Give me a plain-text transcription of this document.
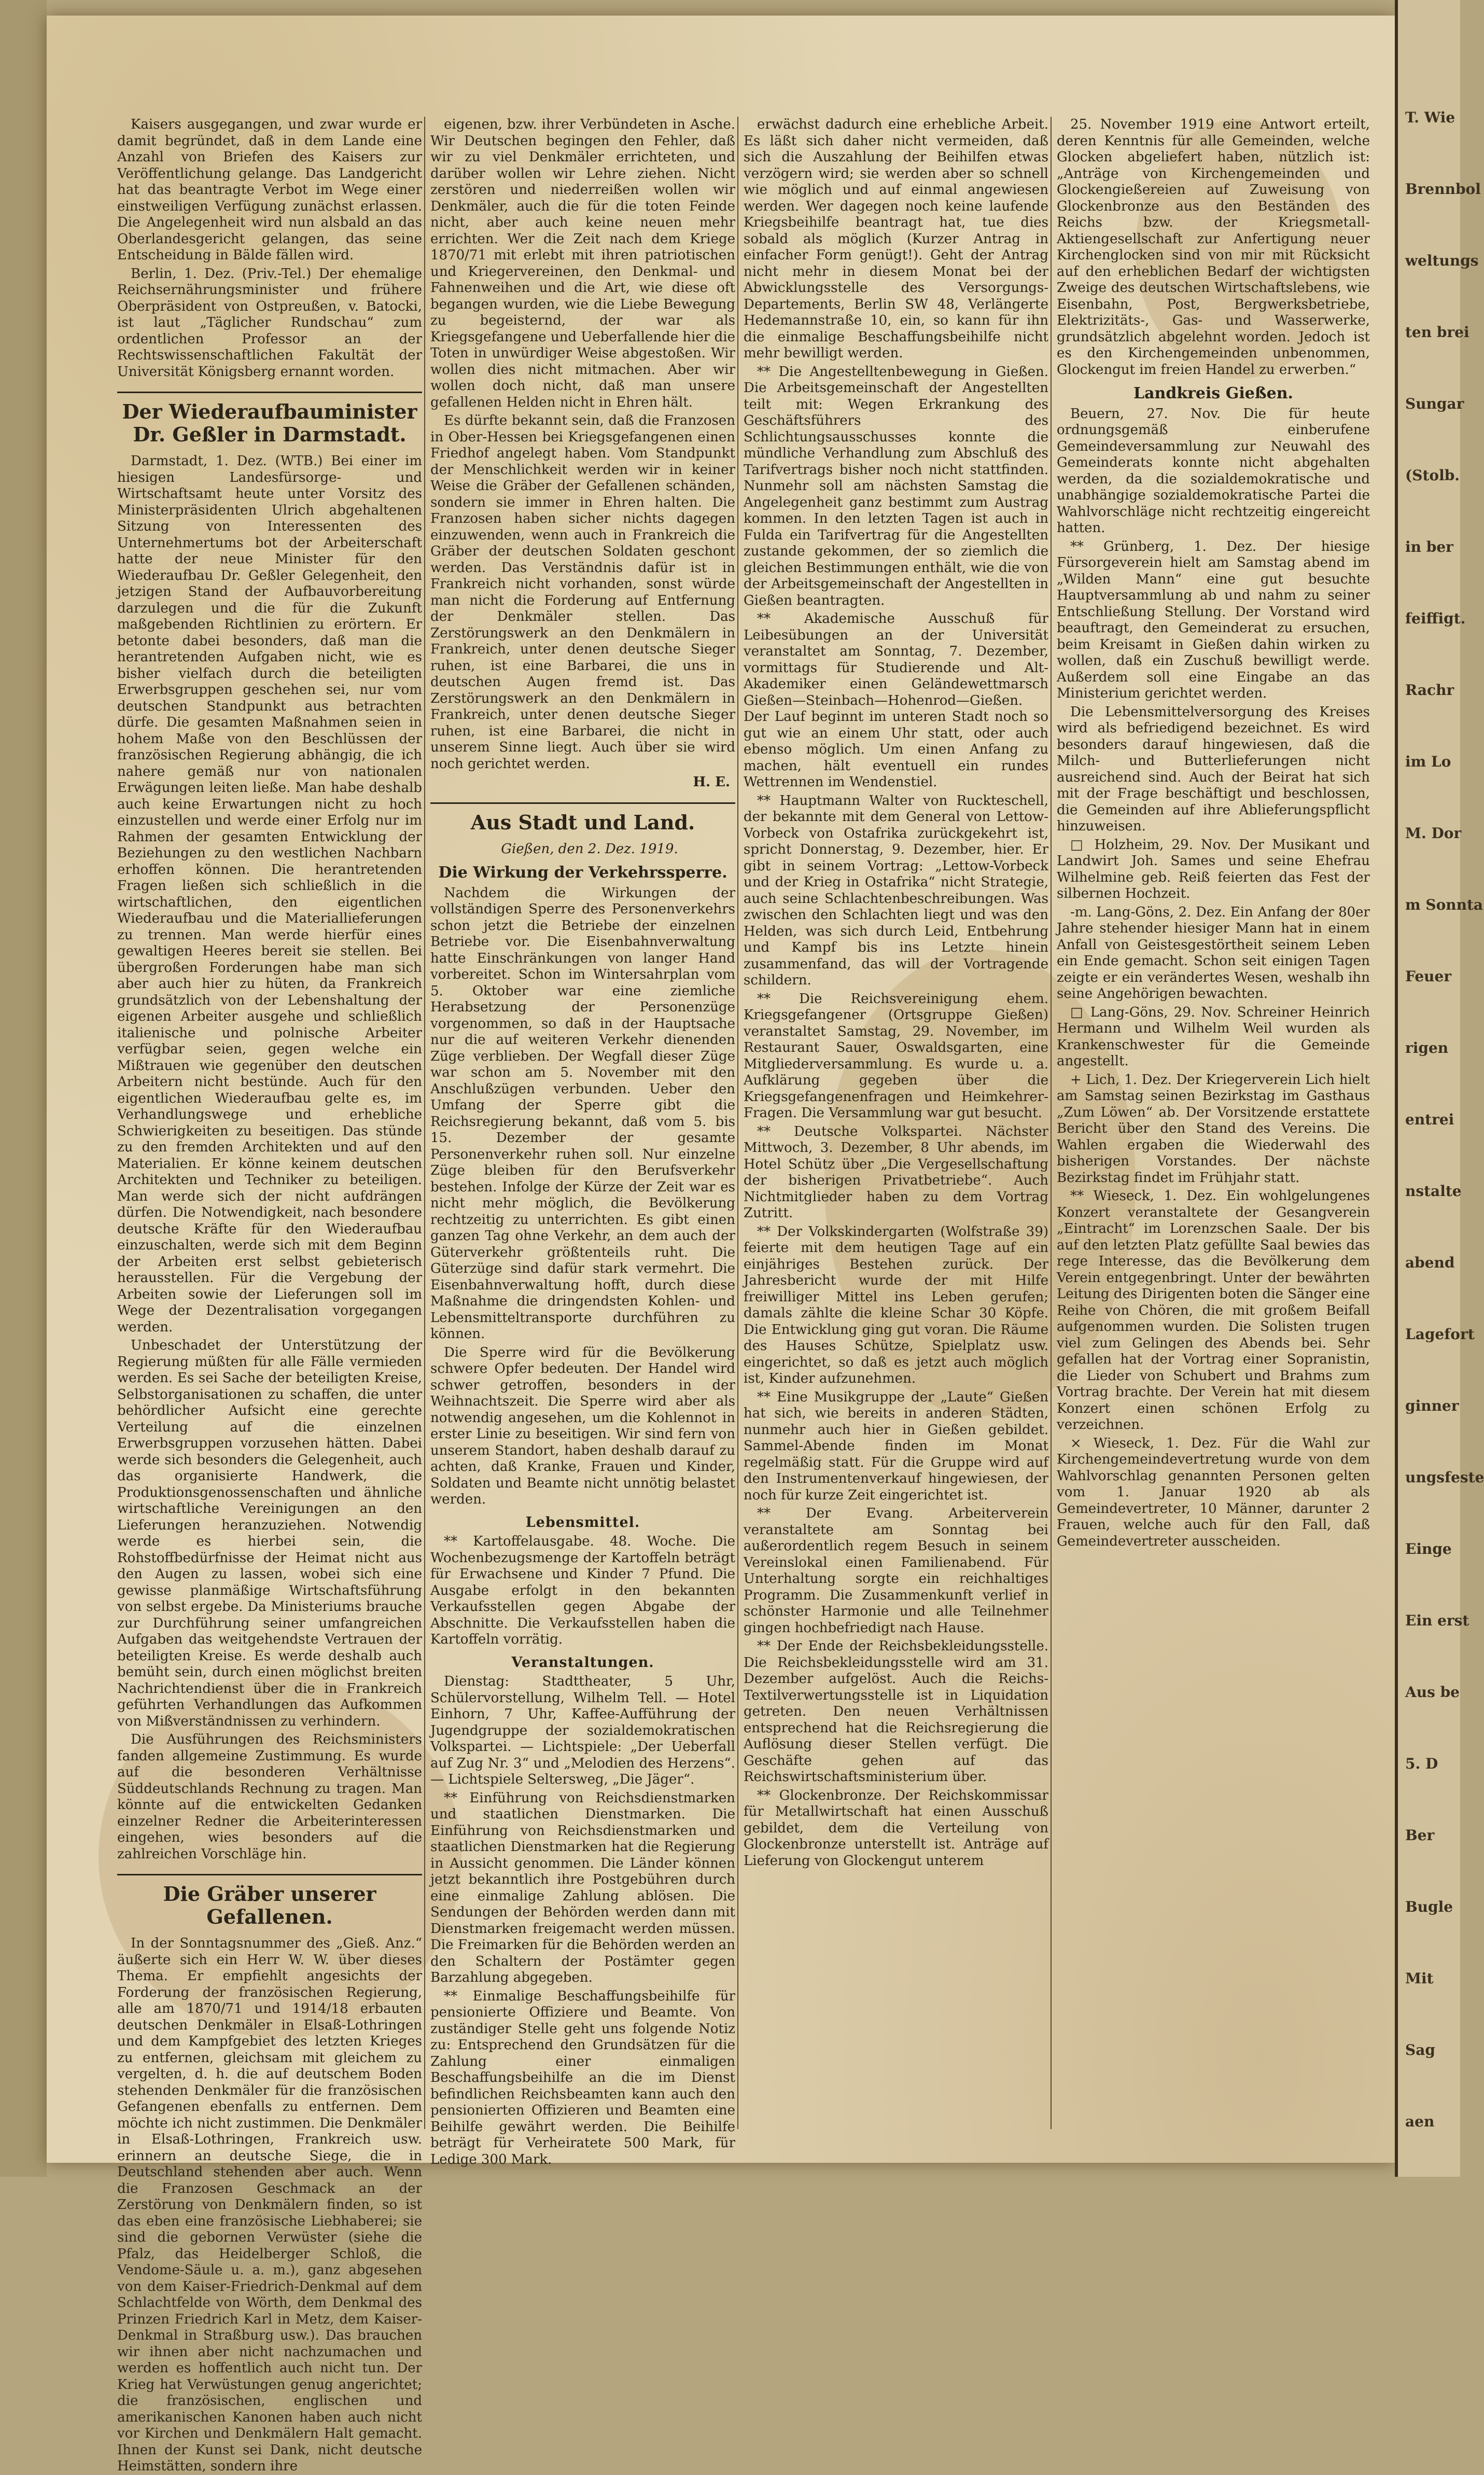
Kaisers ausgegangen, und zwar wurde er damit begründet, daß in dem Lande eine Anzahl von Briefen des Kaisers zur Veröffentlichung gelange. Das Landgericht hat das beantragte Verbot im Wege einer einstweiligen Verfügung zunächst erlassen. Die Angelegenheit wird nun alsbald an das Oberlandesgericht gelangen, das seine Entscheidung in Bälde fällen wird.

Berlin, 1. Dez. (Priv.-Tel.) Der ehemalige Reichsernährungsminister und frühere Oberpräsident von Ostpreußen, v. Batocki, ist laut „Täglicher Rundschau“ zum ordentlichen Professor an der Rechtswissenschaftlichen Fakultät der Universität Königsberg ernannt worden.

Der Wiederaufbauminister Dr. Geßler in Darmstadt.

Darmstadt, 1. Dez. (WTB.) Bei einer im hiesigen Landesfürsorge- und Wirtschaftsamt heute unter Vorsitz des Ministerpräsidenten Ulrich abgehaltenen Sitzung von Interessenten des Unternehmertums bot der Arbeiterschaft hatte der neue Minister für den Wiederaufbau Dr. Geßler Gelegenheit, den jetzigen Stand der Aufbauvorbereitung darzulegen und die für die Zukunft maßgebenden Richtlinien zu erörtern. Er betonte dabei besonders, daß man die herantretenden Aufgaben nicht, wie es bisher vielfach durch die beteiligten Erwerbsgruppen geschehen sei, nur vom deutschen Standpunkt aus betrachten dürfe. Die gesamten Maßnahmen seien in hohem Maße von den Beschlüssen der französischen Regierung abhängig, die ich nahere gemäß nur von nationalen Erwägungen leiten ließe. Man habe deshalb auch keine Erwartungen nicht zu hoch einzustellen und werde einer Erfolg nur im Rahmen der gesamten Entwicklung der Beziehungen zu den westlichen Nachbarn erhoffen können. Die herantretenden Fragen ließen sich schließlich in die wirtschaftlichen, den eigentlichen Wiederaufbau und die Materiallieferungen zu trennen. Man werde hierfür eines gewaltigen Heeres bereit sie stellen. Bei übergroßen Forderungen habe man sich aber auch hier zu hüten, da Frankreich grundsätzlich von der Lebenshaltung der eigenen Arbeiter ausgehe und schließlich italienische und polnische Arbeiter verfügbar seien, gegen welche ein Mißtrauen wie gegenüber den deutschen Arbeitern nicht bestünde. Auch für den eigentlichen Wiederaufbau gelte es, im Verhandlungswege und erhebliche Schwierigkeiten zu beseitigen. Das stünde zu den fremden Architekten und auf den Materialien. Er könne keinem deutschen Architekten und Techniker zu beteiligen. Man werde sich der nicht aufdrängen dürfen. Die Notwendigkeit, nach besondere deutsche Kräfte für den Wiederaufbau einzuschalten, werde sich mit dem Beginn der Arbeiten erst selbst gebieterisch herausstellen. Für die Vergebung der Arbeiten sowie der Lieferungen soll im Wege der Dezentralisation vorgegangen werden.

Unbeschadet der Unterstützung der Regierung müßten für alle Fälle vermieden werden. Es sei Sache der beteiligten Kreise, Selbstorganisationen zu schaffen, die unter behördlicher Aufsicht eine gerechte Verteilung auf die einzelnen Erwerbsgruppen vorzusehen hätten. Dabei werde sich besonders die Gelegenheit, auch das organisierte Handwerk, die Produktionsgenossenschaften und ähnliche wirtschaftliche Vereinigungen an den Lieferungen heranzuziehen. Notwendig werde es hierbei sein, die Rohstoffbedürfnisse der Heimat nicht aus den Augen zu lassen, wobei sich eine gewisse planmäßige Wirtschaftsführung von selbst ergebe. Da Ministeriums brauche zur Durchführung seiner umfangreichen Aufgaben das weitgehendste Vertrauen der beteiligten Kreise. Es werde deshalb auch bemüht sein, durch einen möglichst breiten Nachrichtendienst über die in Frankreich geführten Verhandlungen das Aufkommen von Mißverständnissen zu verhindern.

Die Ausführungen des Reichsministers fanden allgemeine Zustimmung. Es wurde auf die besonderen Verhältnisse Süddeutschlands Rechnung zu tragen. Man könnte auf die entwickelten Gedanken einzelner Redner die Arbeiterinteressen eingehen, wies besonders auf die zahlreichen Vorschläge hin.

Die Gräber unserer Gefallenen.

In der Sonntagsnummer des „Gieß. Anz.“ äußerte sich ein Herr W. W. über dieses Thema. Er empfiehlt angesichts der Forderung der französischen Regierung, alle am 1870/71 und 1914/18 erbauten deutschen Denkmäler in Elsaß-Lothringen und dem Kampfgebiet des letzten Krieges zu entfernen, gleichsam mit gleichem zu vergelten, d. h. die auf deutschem Boden stehenden Denkmäler für die französischen Gefangenen ebenfalls zu entfernen. Dem möchte ich nicht zustimmen. Die Denkmäler in Elsaß-Lothringen, Frankreich usw. erinnern an deutsche Siege, die in Deutschland stehenden aber auch. Wenn die Franzosen Geschmack an der Zerstörung von Denkmälern finden, so ist das eben eine französische Liebhaberei; sie sind die gebornen Verwüster (siehe die Pfalz, das Heidelberger Schloß, die Vendome-Säule u. a. m.), ganz abgesehen von dem Kaiser-Friedrich-Denkmal auf dem Schlachtfelde von Wörth, dem Denkmal des Prinzen Friedrich Karl in Metz, dem Kaiser-Denkmal in Straßburg usw.). Das brauchen wir ihnen aber nicht nachzumachen und werden es hoffentlich auch nicht tun. Der Krieg hat Verwüstungen genug angerichtet; die französischen, englischen und amerikanischen Kanonen haben auch nicht vor Kirchen und Denkmälern Halt gemacht. Ihnen der Kunst sei Dank, nicht deutsche Heimstätten, sondern ihre

eigenen, bzw. ihrer Verbündeten in Asche. Wir Deutschen begingen den Fehler, daß wir zu viel Denkmäler errichteten, und darüber wollen wir Lehre ziehen. Nicht zerstören und niederreißen wollen wir Denkmäler, auch die für die toten Feinde nicht, aber auch keine neuen mehr errichten. Wer die Zeit nach dem Kriege 1870/71 mit erlebt mit ihren patriotischen und Kriegervereinen, den Denkmal- und Fahnenweihen und die Art, wie diese oft begangen wurden, wie die Liebe Bewegung zu begeisternd, der war als Kriegsgefangene und Ueberfallende hier die Toten in unwürdiger Weise abgestoßen. Wir wollen dies nicht mitmachen. Aber wir wollen doch nicht, daß man unsere gefallenen Helden nicht in Ehren hält.

Es dürfte bekannt sein, daß die Franzosen in Ober-Hessen bei Kriegsgefangenen einen Friedhof angelegt haben. Vom Standpunkt der Menschlichkeit werden wir in keiner Weise die Gräber der Gefallenen schänden, sondern sie immer in Ehren halten. Die Franzosen haben sicher nichts dagegen einzuwenden, wenn auch in Frankreich die Gräber der deutschen Soldaten geschont werden. Das Verständnis dafür ist in Frankreich nicht vorhanden, sonst würde man nicht die Forderung auf Entfernung der Denkmäler stellen. Das Zerstörungswerk an den Denkmälern in Frankreich, unter denen deutsche Sieger ruhen, ist eine Barbarei, die uns in deutschen Augen fremd ist. Das Zerstörungswerk an den Denkmälern in Frankreich, unter denen deutsche Sieger ruhen, ist eine Barbarei, die nicht in unserem Sinne liegt. Auch über sie wird noch gerichtet werden.

H. E.

Aus Stadt und Land.

Gießen, den 2. Dez. 1919.

Die Wirkung der Verkehrssperre.

Nachdem die Wirkungen der vollständigen Sperre des Personenverkehrs schon jetzt die Betriebe der einzelnen Betriebe vor. Die Eisenbahnverwaltung hatte Einschränkungen von langer Hand vorbereitet. Schon im Wintersahrplan vom 5. Oktober war eine ziemliche Herabsetzung der Personenzüge vorgenommen, so daß in der Hauptsache nur die auf weiteren Verkehr dienenden Züge verblieben. Der Wegfall dieser Züge war schon am 5. November mit den Anschlußzügen verbunden. Ueber den Umfang der Sperre gibt die Reichsregierung bekannt, daß vom 5. bis 15. Dezember der gesamte Personenverkehr ruhen soll. Nur einzelne Züge bleiben für den Berufsverkehr bestehen. Infolge der Kürze der Zeit war es nicht mehr möglich, die Bevölkerung rechtzeitig zu unterrichten. Es gibt einen ganzen Tag ohne Verkehr, an dem auch der Güterverkehr größtenteils ruht. Die Güterzüge sind dafür stark vermehrt. Die Eisenbahnverwaltung hofft, durch diese Maßnahme die dringendsten Kohlen- und Lebensmitteltransporte durchführen zu können.

Die Sperre wird für die Bevölkerung schwere Opfer bedeuten. Der Handel wird schwer getroffen, besonders in der Weihnachtszeit. Die Sperre wird aber als notwendig angesehen, um die Kohlennot in erster Linie zu beseitigen. Wir sind fern von unserem Standort, haben deshalb darauf zu achten, daß Kranke, Frauen und Kinder, Soldaten und Beamte nicht unnötig belastet werden.

Lebensmittel.

** Kartoffelausgabe. 48. Woche. Die Wochenbezugsmenge der Kartoffeln beträgt für Erwachsene und Kinder 7 Pfund. Die Ausgabe erfolgt in den bekannten Verkaufsstellen gegen Abgabe der Abschnitte. Die Verkaufsstellen haben die Kartoffeln vorrätig.

Veranstaltungen.

Dienstag: Stadttheater, 5 Uhr, Schülervorstellung, Wilhelm Tell. — Hotel Einhorn, 7 Uhr, Kaffee-Aufführung der Jugendgruppe der sozialdemokratischen Volkspartei. — Lichtspiele: „Der Ueberfall auf Zug Nr. 3“ und „Melodien des Herzens“. — Lichtspiele Seltersweg, „Die Jäger“.

** Einführung von Reichsdienstmarken und staatlichen Dienstmarken. Die Einführung von Reichsdienstmarken und staatlichen Dienstmarken hat die Regierung in Aussicht genommen. Die Länder können jetzt bekanntlich ihre Postgebühren durch eine einmalige Zahlung ablösen. Die Sendungen der Behörden werden dann mit Dienstmarken freigemacht werden müssen. Die Freimarken für die Behörden werden an den Schaltern der Postämter gegen Barzahlung abgegeben.

** Einmalige Beschaffungsbeihilfe für pensionierte Offiziere und Beamte. Von zuständiger Stelle geht uns folgende Notiz zu: Entsprechend den Grundsätzen für die Zahlung einer einmaligen Beschaffungsbeihilfe an die im Dienst befindlichen Reichsbeamten kann auch den pensionierten Offizieren und Beamten eine Beihilfe gewährt werden. Die Beihilfe beträgt für Verheiratete 500 Mark, für Ledige 300 Mark.

erwächst dadurch eine erhebliche Arbeit. Es läßt sich daher nicht vermeiden, daß sich die Auszahlung der Beihilfen etwas verzögern wird; sie werden aber so schnell wie möglich und auf einmal angewiesen werden. Wer dagegen noch keine laufende Kriegsbeihilfe beantragt hat, tue dies sobald als möglich (Kurzer Antrag in einfacher Form genügt!). Geht der Antrag nicht mehr in diesem Monat bei der Abwicklungsstelle des Versorgungs-Departements, Berlin SW 48, Verlängerte Hedemannstraße 10, ein, so kann für ihn die einmalige Beschaffungsbeihilfe nicht mehr bewilligt werden.

** Die Angestelltenbewegung in Gießen. Die Arbeitsgemeinschaft der Angestellten teilt mit: Wegen Erkrankung des Geschäftsführers des Schlichtungsausschusses konnte die mündliche Verhandlung zum Abschluß des Tarifvertrags bisher noch nicht stattfinden. Nunmehr soll am nächsten Samstag die Angelegenheit ganz bestimmt zum Austrag kommen. In den letzten Tagen ist auch in Fulda ein Tarifvertrag für die Angestellten zustande gekommen, der so ziemlich die gleichen Bestimmungen enthält, wie die von der Arbeitsgemeinschaft der Angestellten in Gießen beantragten.

** Akademische Ausschuß für Leibesübungen an der Universität veranstaltet am Sonntag, 7. Dezember, vormittags für Studierende und Alt-Akademiker einen Geländewettmarsch Gießen—Steinbach—Hohenrod—Gießen. Der Lauf beginnt im unteren Stadt noch so gut wie an einem Uhr statt, oder auch ebenso möglich. Um einen Anfang zu machen, hält eventuell ein rundes Wettrennen im Wendenstiel.

** Hauptmann Walter von Ruckteschell, der bekannte mit dem General von Lettow-Vorbeck von Ostafrika zurückgekehrt ist, spricht Donnerstag, 9. Dezember, hier. Er gibt in seinem Vortrag: „Lettow-Vorbeck und der Krieg in Ostafrika“ nicht Strategie, auch seine Schlachtenbeschreibungen. Was zwischen den Schlachten liegt und was den Helden, was sich durch Leid, Entbehrung und Kampf bis ins Letzte hinein zusammenfand, das will der Vortragende schildern.

** Die Reichsvereinigung ehem. Kriegsgefangener (Ortsgruppe Gießen) veranstaltet Samstag, 29. November, im Restaurant Sauer, Oswaldsgarten, eine Mitgliederversammlung. Es wurde u. a. Aufklärung gegeben über die Kriegsgefangenenfragen und Heimkehrer-Fragen. Die Versammlung war gut besucht.

** Deutsche Volkspartei. Nächster Mittwoch, 3. Dezember, 8 Uhr abends, im Hotel Schütz über „Die Vergesellschaftung der bisherigen Privatbetriebe“. Auch Nichtmitglieder haben zu dem Vortrag Zutritt.

** Der Volkskindergarten (Wolfstraße 39) feierte mit dem heutigen Tage auf ein einjähriges Bestehen zurück. Der Jahresbericht wurde der mit Hilfe freiwilliger Mittel ins Leben gerufen; damals zählte die kleine Schar 30 Köpfe. Die Entwicklung ging gut voran. Die Räume des Hauses Schütze, Spielplatz usw. eingerichtet, so daß es jetzt auch möglich ist, Kinder aufzunehmen.

** Eine Musikgruppe der „Laute“ Gießen hat sich, wie bereits in anderen Städten, nunmehr auch hier in Gießen gebildet. Sammel-Abende finden im Monat regelmäßig statt. Für die Gruppe wird auf den Instrumentenverkauf hingewiesen, der noch für kurze Zeit eingerichtet ist.

** Der Evang. Arbeiterverein veranstaltete am Sonntag bei außerordentlich regem Besuch in seinem Vereinslokal einen Familienabend. Für Unterhaltung sorgte ein reichhaltiges Programm. Die Zusammenkunft verlief in schönster Harmonie und alle Teilnehmer gingen hochbefriedigt nach Hause.

** Der Ende der Reichsbekleidungsstelle. Die Reichsbekleidungsstelle wird am 31. Dezember aufgelöst. Auch die Reichs-Textilverwertungsstelle ist in Liquidation getreten. Den neuen Verhältnissen entsprechend hat die Reichsregierung die Auflösung dieser Stellen verfügt. Die Geschäfte gehen auf das Reichswirtschaftsministerium über.

** Glockenbronze. Der Reichskommissar für Metallwirtschaft hat einen Ausschuß gebildet, dem die Verteilung von Glockenbronze unterstellt ist. Anträge auf Lieferung von Glockengut unterem

25. November 1919 eine Antwort erteilt, deren Kenntnis für alle Gemeinden, welche Glocken abgeliefert haben, nützlich ist: „Anträge von Kirchengemeinden und Glockengießereien auf Zuweisung von Glockenbronze aus den Beständen des Reichs bzw. der Kriegsmetall-Aktiengesellschaft zur Anfertigung neuer Kirchenglocken sind von mir mit Rücksicht auf den erheblichen Bedarf der wichtigsten Zweige des deutschen Wirtschaftslebens, wie Eisenbahn, Post, Bergwerksbetriebe, Elektrizitäts-, Gas- und Wasserwerke, grundsätzlich abgelehnt worden. Jedoch ist es den Kirchengemeinden unbenommen, Glockengut im freien Handel zu erwerben.“

Landkreis Gießen.

Beuern, 27. Nov. Die für heute ordnungsgemäß einberufene Gemeindeversammlung zur Neuwahl des Gemeinderats konnte nicht abgehalten werden, da die sozialdemokratische und unabhängige sozialdemokratische Partei die Wahlvorschläge nicht rechtzeitig eingereicht hatten.

** Grünberg, 1. Dez. Der hiesige Fürsorgeverein hielt am Samstag abend im „Wilden Mann“ eine gut besuchte Hauptversammlung ab und nahm zu seiner Entschließung Stellung. Der Vorstand wird beauftragt, den Gemeinderat zu ersuchen, beim Kreisamt in Gießen dahin wirken zu wollen, daß ein Zuschuß bewilligt werde. Außerdem soll eine Eingabe an das Ministerium gerichtet werden.

Die Lebensmittelversorgung des Kreises wird als befriedigend bezeichnet. Es wird besonders darauf hingewiesen, daß die Milch- und Butterlieferungen nicht ausreichend sind. Auch der Beirat hat sich mit der Frage beschäftigt und beschlossen, die Gemeinden auf ihre Ablieferungspflicht hinzuweisen.

□ Holzheim, 29. Nov. Der Musikant und Landwirt Joh. Sames und seine Ehefrau Wilhelmine geb. Reiß feierten das Fest der silbernen Hochzeit.

-m. Lang-Göns, 2. Dez. Ein Anfang der 80er Jahre stehender hiesiger Mann hat in einem Anfall von Geistesgestörtheit seinem Leben ein Ende gemacht. Schon seit einigen Tagen zeigte er ein verändertes Wesen, weshalb ihn seine Angehörigen bewachten.

□ Lang-Göns, 29. Nov. Schreiner Heinrich Hermann und Wilhelm Weil wurden als Krankenschwester für die Gemeinde angestellt.

+ Lich, 1. Dez. Der Kriegerverein Lich hielt am Samstag seinen Bezirkstag im Gasthaus „Zum Löwen“ ab. Der Vorsitzende erstattete Bericht über den Stand des Vereins. Die Wahlen ergaben die Wiederwahl des bisherigen Vorstandes. Der nächste Bezirkstag findet im Frühjahr statt.

** Wieseck, 1. Dez. Ein wohlgelungenes Konzert veranstaltete der Gesangverein „Eintracht“ im Lorenzschen Saale. Der bis auf den letzten Platz gefüllte Saal bewies das rege Interesse, das die Bevölkerung dem Verein entgegenbringt. Unter der bewährten Leitung des Dirigenten boten die Sänger eine Reihe von Chören, die mit großem Beifall aufgenommen wurden. Die Solisten trugen viel zum Gelingen des Abends bei. Sehr gefallen hat der Vortrag einer Sopranistin, die Lieder von Schubert und Brahms zum Vortrag brachte. Der Verein hat mit diesem Konzert einen schönen Erfolg zu verzeichnen.

× Wieseck, 1. Dez. Für die Wahl zur Kirchengemeindevertretung wurde von dem Wahlvorschlag genannten Personen gelten vom 1. Januar 1920 ab als Gemeindevertreter, 10 Männer, darunter 2 Frauen, welche auch für den Fall, daß Gemeindevertreter ausscheiden.

T. Wie
Brennbol
weltungs
ten brei
Sungar
(Stolb.
in ber
feiffigt.
Rachr
im Lo
M. Dor
m Sonnta
Feuer
rigen
entrei
nstalte
abend
Lagefort
ginner
ungsfeste
Einge
Ein erst
Aus be
5. D
Ber
Bugle
Mit
Sag
aen
